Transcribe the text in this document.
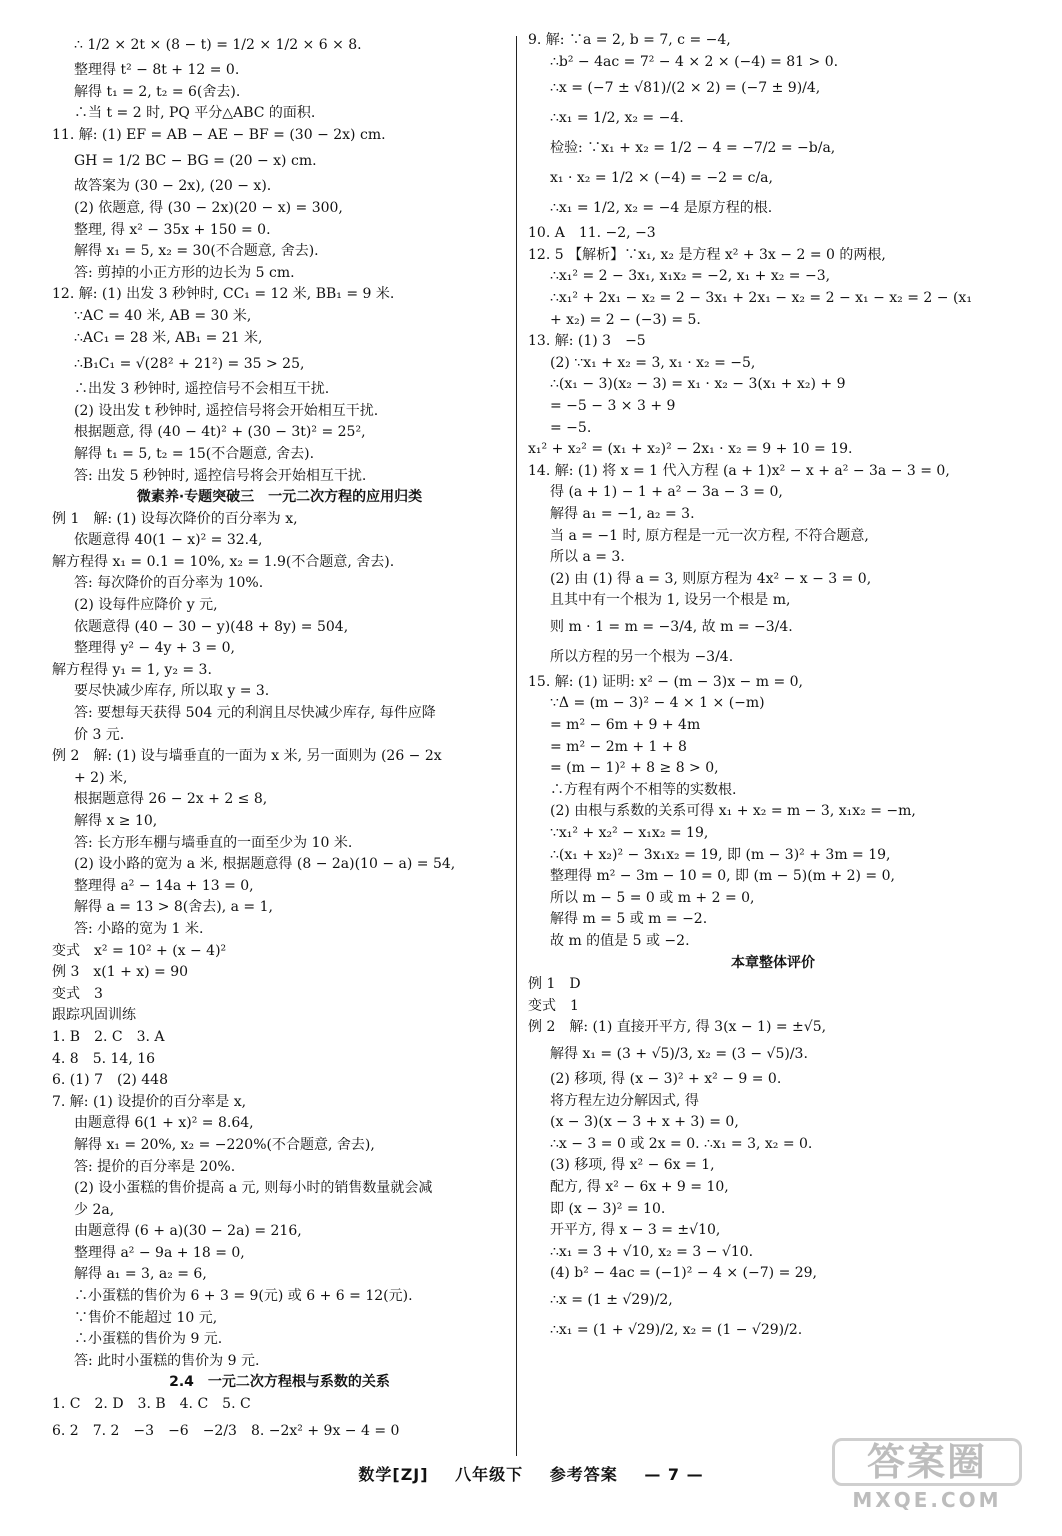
∴ 1/2 × 2t × (8 − t) = 1/2 × 1/2 × 6 × 8.
整理得 t² − 8t + 12 = 0.
解得 t₁ = 2, t₂ = 6(舍去).
∴当 t = 2 时, PQ 平分△ABC 的面积.
11. 解: (1) EF = AB − AE − BF = (30 − 2x) cm.
GH = 1/2 BC − BG = (20 − x) cm.
故答案为 (30 − 2x), (20 − x).
(2) 依题意, 得 (30 − 2x)(20 − x) = 300,
整理, 得 x² − 35x + 150 = 0.
解得 x₁ = 5, x₂ = 30(不合题意, 舍去).
答: 剪掉的小正方形的边长为 5 cm.
12. 解: (1) 出发 3 秒钟时, CC₁ = 12 米, BB₁ = 9 米.
∵AC = 40 米, AB = 30 米,
∴AC₁ = 28 米, AB₁ = 21 米,
∴B₁C₁ = √(28² + 21²) = 35 > 25,
∴出发 3 秒钟时, 遥控信号不会相互干扰.
(2) 设出发 t 秒钟时, 遥控信号将会开始相互干扰.
根据题意, 得 (40 − 4t)² + (30 − 3t)² = 25²,
解得 t₁ = 5, t₂ = 15(不合题意, 舍去).
答: 出发 5 秒钟时, 遥控信号将会开始相互干扰.
微素养·专题突破三　一元二次方程的应用归类
例 1　解: (1) 设每次降价的百分率为 x,
依题意得 40(1 − x)² = 32.4,
解方程得 x₁ = 0.1 = 10%, x₂ = 1.9(不合题意, 舍去).
答: 每次降价的百分率为 10%.
(2) 设每件应降价 y 元,
依题意得 (40 − 30 − y)(48 + 8y) = 504,
整理得 y² − 4y + 3 = 0,
解方程得 y₁ = 1, y₂ = 3.
要尽快减少库存, 所以取 y = 3.
答: 要想每天获得 504 元的利润且尽快减少库存, 每件应降
价 3 元.
例 2　解: (1) 设与墙垂直的一面为 x 米, 另一面则为 (26 − 2x
+ 2) 米,
根据题意得 26 − 2x + 2 ≤ 8,
解得 x ≥ 10,
答: 长方形车棚与墙垂直的一面至少为 10 米.
(2) 设小路的宽为 a 米, 根据题意得 (8 − 2a)(10 − a) = 54,
整理得 a² − 14a + 13 = 0,
解得 a = 13 > 8(舍去), a = 1,
答: 小路的宽为 1 米.
变式　x² = 10² + (x − 4)²
例 3　x(1 + x) = 90
变式　3
跟踪巩固训练
1. B　2. C　3. A
4. 8　5. 14, 16
6. (1) 7　(2) 448
7. 解: (1) 设提价的百分率是 x,
由题意得 6(1 + x)² = 8.64,
解得 x₁ = 20%, x₂ = −220%(不合题意, 舍去),
答: 提价的百分率是 20%.
(2) 设小蛋糕的售价提高 a 元, 则每小时的销售数量就会减
少 2a,
由题意得 (6 + a)(30 − 2a) = 216,
整理得 a² − 9a + 18 = 0,
解得 a₁ = 3, a₂ = 6,
∴小蛋糕的售价为 6 + 3 = 9(元) 或 6 + 6 = 12(元).
∵售价不能超过 10 元,
∴小蛋糕的售价为 9 元.
答: 此时小蛋糕的售价为 9 元.
2.4　一元二次方程根与系数的关系
1. C　2. D　3. B　4. C　5. C
6. 2　7. 2　−3　−6　−2/3　8. −2x² + 9x − 4 = 0
9. 解: ∵a = 2, b = 7, c = −4,
∴b² − 4ac = 7² − 4 × 2 × (−4) = 81 > 0.
∴x = (−7 ± √81)/(2 × 2) = (−7 ± 9)/4,
∴x₁ = 1/2, x₂ = −4.
检验: ∵x₁ + x₂ = 1/2 − 4 = −7/2 = −b/a,
x₁ · x₂ = 1/2 × (−4) = −2 = c/a,
∴x₁ = 1/2, x₂ = −4 是原方程的根.
10. A　11. −2, −3
12. 5 【解析】∵x₁, x₂ 是方程 x² + 3x − 2 = 0 的两根,
∴x₁² = 2 − 3x₁, x₁x₂ = −2, x₁ + x₂ = −3,
∴x₁² + 2x₁ − x₂ = 2 − 3x₁ + 2x₁ − x₂ = 2 − x₁ − x₂ = 2 − (x₁
+ x₂) = 2 − (−3) = 5.
13. 解: (1) 3　−5
(2) ∵x₁ + x₂ = 3, x₁ · x₂ = −5,
∴(x₁ − 3)(x₂ − 3) = x₁ · x₂ − 3(x₁ + x₂) + 9
= −5 − 3 × 3 + 9
= −5.
x₁² + x₂² = (x₁ + x₂)² − 2x₁ · x₂ = 9 + 10 = 19.
14. 解: (1) 将 x = 1 代入方程 (a + 1)x² − x + a² − 3a − 3 = 0,
得 (a + 1) − 1 + a² − 3a − 3 = 0,
解得 a₁ = −1, a₂ = 3.
当 a = −1 时, 原方程是一元一次方程, 不符合题意,
所以 a = 3.
(2) 由 (1) 得 a = 3, 则原方程为 4x² − x − 3 = 0,
且其中有一个根为 1, 设另一个根是 m,
则 m · 1 = m = −3/4, 故 m = −3/4.
所以方程的另一个根为 −3/4.
15. 解: (1) 证明: x² − (m − 3)x − m = 0,
∵Δ = (m − 3)² − 4 × 1 × (−m)
= m² − 6m + 9 + 4m
= m² − 2m + 1 + 8
= (m − 1)² + 8 ≥ 8 > 0,
∴方程有两个不相等的实数根.
(2) 由根与系数的关系可得 x₁ + x₂ = m − 3, x₁x₂ = −m,
∵x₁² + x₂² − x₁x₂ = 19,
∴(x₁ + x₂)² − 3x₁x₂ = 19, 即 (m − 3)² + 3m = 19,
整理得 m² − 3m − 10 = 0, 即 (m − 5)(m + 2) = 0,
所以 m − 5 = 0 或 m + 2 = 0,
解得 m = 5 或 m = −2.
故 m 的值是 5 或 −2.
本章整体评价
例 1　D
变式　1
例 2　解: (1) 直接开平方, 得 3(x − 1) = ±√5,
解得 x₁ = (3 + √5)/3, x₂ = (3 − √5)/3.
(2) 移项, 得 (x − 3)² + x² − 9 = 0.
将方程左边分解因式, 得
(x − 3)(x − 3 + x + 3) = 0,
∴x − 3 = 0 或 2x = 0. ∴x₁ = 3, x₂ = 0.
(3) 移项, 得 x² − 6x = 1,
配方, 得 x² − 6x + 9 = 10,
即 (x − 3)² = 10.
开平方, 得 x − 3 = ±√10,
∴x₁ = 3 + √10, x₂ = 3 − √10.
(4) b² − 4ac = (−1)² − 4 × (−7) = 29,
∴x = (1 ± √29)/2,
∴x₁ = (1 + √29)/2, x₂ = (1 − √29)/2.
数学[ZJ] 八年级下 参考答案 — 7 —	答案圈
MXQE.COM
